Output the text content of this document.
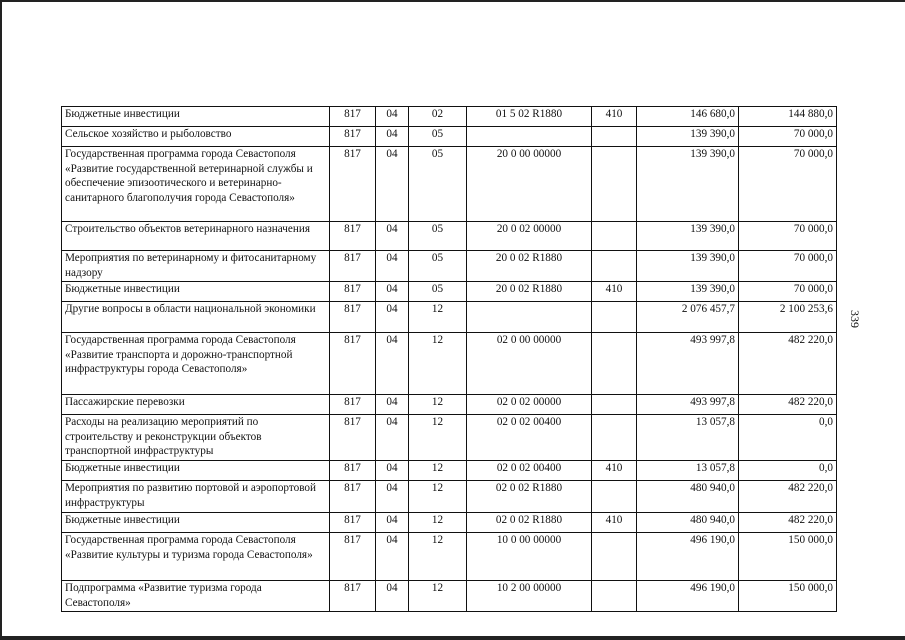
Бюджетные инвестиции	817	04	02	01 5 02 R1880	410	146 680,0	144 880,0
Сельское хозяйство и рыболовство	817	04	05			139 390,0	70 000,0
Государственная программа города Севастополя «Развитие государственной ветеринарной службы и обеспечение эпизоотического и ветеринарно-санитарного благополучия города Севастополя»	817	04	05	20 0 00 00000		139 390,0	70 000,0
Строительство объектов ветеринарного назначения	817	04	05	20 0 02 00000		139 390,0	70 000,0
Мероприятия по ветеринарному и фитосанитарному надзору	817	04	05	20 0 02 R1880		139 390,0	70 000,0
Бюджетные инвестиции	817	04	05	20 0 02 R1880	410	139 390,0	70 000,0
Другие вопросы в области национальной экономики	817	04	12			2 076 457,7	2 100 253,6
Государственная программа города Севастополя «Развитие транспорта и дорожно-транспортной инфраструктуры города Севастополя»	817	04	12	02 0 00 00000		493 997,8	482 220,0
Пассажирские перевозки	817	04	12	02 0 02 00000		493 997,8	482 220,0
Расходы на реализацию мероприятий по строительству и реконструкции объектов транспортной инфраструктуры	817	04	12	02 0 02 00400		13 057,8	0,0
Бюджетные инвестиции	817	04	12	02 0 02 00400	410	13 057,8	0,0
Мероприятия по развитию портовой и аэропортовой инфраструктуры	817	04	12	02 0 02 R1880		480 940,0	482 220,0
Бюджетные инвестиции	817	04	12	02 0 02 R1880	410	480 940,0	482 220,0
Государственная программа города Севастополя «Развитие культуры и туризма города Севастополя»	817	04	12	10 0 00 00000		496 190,0	150 000,0
Подпрограмма «Развитие туризма города Севастополя»	817	04	12	10 2 00 00000		496 190,0	150 000,0
339
